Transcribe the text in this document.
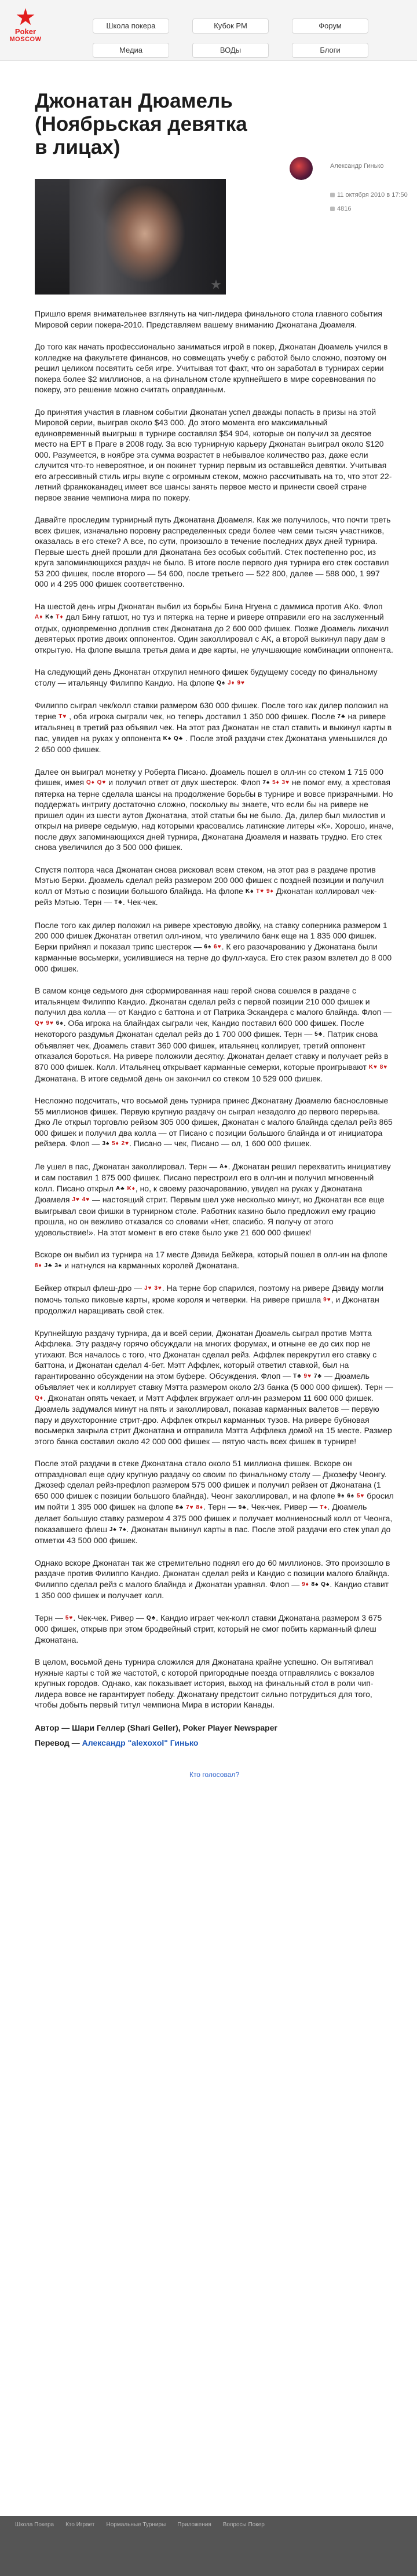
Poker
MOSCOW
Школа покера	Кубок РМ	Форум
Медиа	ВОДы	Блоги
Джонатан Дюамель (Ноябрьская девятка в лицах)
Александр Гинько
11 октября 2010 в 17:50
4816

Пришло время внимательнее взглянуть на чип-лидера финального стола главного события Мировой серии покера-2010. Представляем вашему вниманию Джонатана Дюамеля.

До того как начать профессионально заниматься игрой в покер, Джонатан Дюамель учился в колледже на факультете финансов, но совмещать учебу с работой было сложно, поэтому он решил целиком посвятить себя игре. Учитывая тот факт, что он заработал в турнирах серии покера более $2 миллионов, а на финальном столе крупнейшего в мире соревнования по покеру, это решение можно считать оправданным.

До принятия участия в главном событии Джонатан успел дважды попасть в призы на этой Мировой серии, выиграв около $43 000. До этого момента его максимальный единовременный выигрыш в турнире составлял $54 904, которые он получил за десятое место на EPT в Праге в 2008 году. За всю турнирную карьеру Джонатан выиграл около $120 000. Разумеется, в ноябре эта сумма возрастет в небывалое количество раз, даже если случится что-то невероятное, и он покинет турнир первым из оставшейся девятки. Учитывая его агрессивный стиль игры вкупе с огромным стеком, можно рассчитывать на то, что этот 22-летний франкоканадец имеет все шансы занять первое место и принести своей стране первое звание чемпиона мира по покеру.

Давайте проследим турнирный путь Джонатана Дюамеля. Как же получилось, что почти треть всех фишек, изначально поровну распределенных среди более чем семи тысяч участников, оказалась в его стеке? А все, по сути, произошло в течение последних двух дней турнира. Первые шесть дней прошли для Джонатана без особых событий. Стек постепенно рос, из круга запоминающихся раздач не было. В итоге после первого дня турнира его стек составил 53 200 фишек, после второго — 54 600, после третьего — 522 800, далее — 588 000, 1 997 000 и 4 295 000 фишек соответственно.

На шестой день игры Джонатан выбил из борьбы Бина Нгуена с даммиса против АКо. Флоп A♦ K♠ T♦ дал Бину гатшот, но туз и пятерка на терне и ривере отправили его на заслуженный отдых, одновременно доплнив стек Джонатана до 2 600 000 фишек. Позже Дюамель лихачил девятерых против двоих оппонентов. Один заколлировал с АК, а второй выкинул пару дам в открытую. На флопе вышла третья дама и две карты, не улучшающие комбинации оппонента.

На следующий день Джонатан отхрупил немного фишек будущему соседу по финальному столу — итальянцу Филиппо Кандио. На флопе Q♠ J♦ 9♥

Филиппо сыграл чек/колл ставки размером 630 000 фишек. После того как дилер положил на терне T♥ , оба игрока сыграли чек, но теперь доставил 1 350 000 фишек. После 7♣ на ривере итальянец в третий раз объявил чек. На этот раз Джонатан не стал ставить и выкинул карты в пас, увидев на руках у оппонента K♠ Q♣ . После этой раздачи стек Джонатана уменьшился до 2 650 000 фишек.

Далее он выиграл монетку у Роберта Писано. Дюамель пошел в олл-ин со стеком 1 715 000 фишек, имея Q♦ Q♥ и получил ответ от двух шестерок. Флоп 7♠ 5♦ 3♥ не помог ему, а хрестовая пятерка на терне сделала шансы на продолжение борьбы в турнире и вовсе призрачными. Но поддержать интригу достаточно сложно, поскольку вы знаете, что если бы на ривере не пришел один из шести аутов Джонатана, этой статьи бы не было. Да, дилер был милостив и открыл на ривере седьмую, над которыми красовались латинские литеры «К». Хорошо, иначе, после двух запоминающихся дней турнира, Джонатана Дюамеля и назвать трудно. Его стек снова увеличился до 3 500 000 фишек.

Спустя полтора часа Джонатан снова рисковал всем стеком, на этот раз в раздаче против Мэтью Берки. Дюамель сделал рейз размером 200 000 фишек с поздней позиции и получил колл от Мэтью с позиции большого блайнда. На флопе K♠ T♥ 9♦ Джонатан коллировал чек-рейз Мэтью. Терн — T♣. Чек-чек.

После того как дилер положил на ривере хрестовую двойку, на ставку соперника размером 1 200 000 фишек Джонатан ответил олл-ином, что увеличило банк еще на 1 835 000 фишек. Берки прийнял и показал трипс шестерок — 6♠ 6♥. К его разочарованию у Джонатана были карманные восьмерки, усилившиеся на терне до фулл-хауса. Его стек разом взлетел до 8 000 000 фишек.

В самом конце седьмого дня сформированная наш герой снова сошелся в раздаче с итальянцем Филиппо Кандио. Джонатан сделал рейз с первой позиции 210 000 фишек и получил два колла — от Кандио с баттона и от Патрика Эскандера с малого блайнда. Флоп — Q♥ 9♥ 6♠. Оба игрока на блайндах сыграли чек, Кандио поставил 600 000 фишек. После некоторого раздумья Джонатан сделал рейз до 1 700 000 фишек. Терн — 5♣. Патрик снова объявляет чек, Дюамель ставит 360 000 фишек, итальянец коллирует, третий оппонент отказался бороться. На ривере положили десятку. Джонатан делает ставку и получает рейз в 870 000 фишек. Колл. Итальянец открывает карманные семерки, которые проигрывают K♥ 8♥ Джонатана. В итоге седьмой день он закончил со стеком 10 529 000 фишек.

Несложно подсчитать, что восьмой день турнира принес Джонатану Дюамелю баснословные 55 миллионов фишек. Первую крупную раздачу он сыграл незадолго до первого перерыва. Джо Ле открыл торговлю рейзом 305 000 фишек, Джонатан с малого блайнда сделал рейз 865 000 фишек и получил два колла — от Писано с позиции большого блайнда и от инициатора рейзера. Флоп — 3♠ 5♦ 2♥. Писано — чек, Писано — ол, 1 600 000 фишек.

Ле ушел в пас, Джонатан заколлировал. Терн — A♠. Джонатан решил перехватить инициативу и сам поставил 1 875 000 фишек. Писано перестроил его в олл-ин и получил мгновенный колл. Писано открыл A♣ K♦, но, к своему разочарованию, увидел на руках у Джонатана Дюамеля J♥ 4♥ — настоящий стрит. Первым шел уже несколько минут, но Джонатан все еще выигрывал свои фишки в турнирном столе. Работник казино было предложил ему грацию прошла, но он вежливо отказался со словами «Нет, спасибо. Я получу от этого удовольствие!». На этот момент в его стеке было уже 21 600 000 фишек!

Вскоре он выбил из турнира на 17 месте Дэвида Бейкера, который пошел в олл-ин на флопе 8♦ J♣ 3♠ и натнулся на карманных королей Джонатана.

Бейкер открыл флеш-дро — J♥ 3♥. На терне бор спарился, поэтому на ривере Дэвиду могли помочь только пиковые карты, кроме короля и четверки. На ривере пришла 9♥, и Джонатан продолжил наращивать свой стек.

Крупнейшую раздачу турнира, да и всей серии, Джонатан Дюамель сыграл против Мэтта Аффлека. Эту раздачу горячо обсуждали на многих форумах, и отныне ее до сих пор не утихают. Вся началось с того, что Джонатан сделал рейз. Аффлек перекрутил его ставку с баттона, и Джонатан сделал 4-бет. Мэтт Аффлек, который ответил ставкой, был на гарантированно обсуждении на этом буфере. Обсуждения. Флоп — T♣ 9♥ 7♣ — Дюамель объявляет чек и коллирует ставку Мэтта размером около 2/3 банка (5 000 000 фишек). Терн — Q♦. Джонатан опять чекает, и Мэтт Аффлек вгружает олл-ин размером 11 600 000 фишек. Дюамель задумался минут на пять и заколлировал, показав карманных валетов — первую пару и двухсторонние стрит-дро. Аффлек открыл карманных тузов. На ривере бубновая восьмерка закрыла стрит Джонатана и отправила Мэтта Аффлека домой на 15 месте. Размер этого банка составил около 42 000 000 фишек — пятую часть всех фишек в турнире!

После этой раздачи в стеке Джонатана стало около 51 миллиона фишек. Вскоре он отпраздновал еще одну крупную раздачу со своим по финальному столу — Джозефу Чеонгу. Джозеф сделал рейз-префлоп размером 575 000 фишек и получил рейзен от Джонатана (1 650 000 фишек с позиции большого блайнда). Чеонг заколлировал, и на флопе 9♠ 6♠ 5♥ бросил им пойти 1 395 000 фишек на флопе 8♣ 7♥ 8♦. Терн — 9♣. Чек-чек. Ривер — T♦. Дюамель делает большую ставку размером 4 375 000 фишек и получает молниеносный колл от Чеонга, показавшего флеш J♠ 7♠. Джонатан выкинул карты в пас. После этой раздачи его стек упал до отметки 43 500 000 фишек.

Однако вскоре Джонатан так же стремительно поднял его до 60 миллионов. Это произошло в раздаче против Филиппо Кандио. Джонатан сделал рейз и Кандио с позиции малого блайнда. Филиппо сделал рейз с малого блайнда и Джонатан уравнял. Флоп — 9♦ 8♠ Q♠. Кандио ставит 1 350 000 фишек и получает колл.

Терн — 5♥. Чек-чек. Ривер — Q♣. Кандио играет чек-колл ставки Джонатана размером 3 675 000 фишек, открыв при этом бродвейный стрит, который не смог побить карманный флеш Джонатана.

В целом, восьмой день турнира сложился для Джонатана крайне успешно. Он вытягивал нужные карты с той же частотой, с которой пригородные поезда отправлялись с вокзалов крупных городов. Однако, как показывает история, выход на финальный стол в роли чип-лидера вовсе не гарантирует победу. Джонатану предстоит сильно потрудиться для того, чтобы добыть первый титул чемпиона Мира в истории Канады.

Автор — Шари Геллер (Shari Geller), Poker Player Newspaper
Перевод — Александр "alexoxol" Гинько
Кто голосовал?
Школа Покера Кто Играет Нормальные Турниры Приложения Вопросы Покер
